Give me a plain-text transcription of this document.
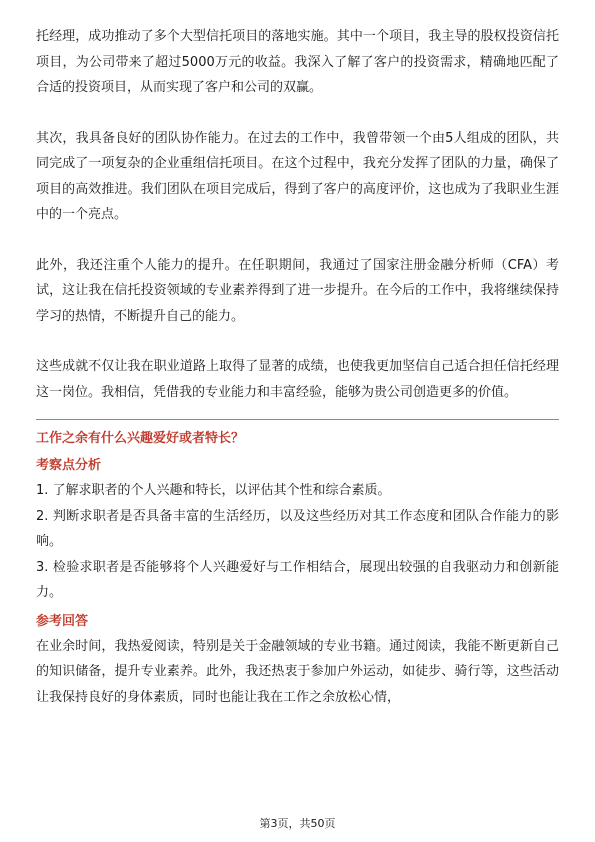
托经理，成功推动了多个大型信托项目的落地实施。其中一个项目，我主导的股权投资信托项目，为公司带来了超过5000万元的收益。我深入了解了客户的投资需求，精确地匹配了合适的投资项目，从而实现了客户和公司的双赢。

其次，我具备良好的团队协作能力。在过去的工作中，我曾带领一个由5人组成的团队，共同完成了一项复杂的企业重组信托项目。在这个过程中，我充分发挥了团队的力量，确保了项目的高效推进。我们团队在项目完成后，得到了客户的高度评价，这也成为了我职业生涯中的一个亮点。

此外，我还注重个人能力的提升。在任职期间，我通过了国家注册金融分析师（CFA）考试，这让我在信托投资领域的专业素养得到了进一步提升。在今后的工作中，我将继续保持学习的热情，不断提升自己的能力。

这些成就不仅让我在职业道路上取得了显著的成绩，也使我更加坚信自己适合担任信托经理这一岗位。我相信，凭借我的专业能力和丰富经验，能够为贵公司创造更多的价值。

工作之余有什么兴趣爱好或者特长？

考察点分析

1. 了解求职者的个人兴趣和特长，以评估其个性和综合素质。
2. 判断求职者是否具备丰富的生活经历，以及这些经历对其工作态度和团队合作能力的影响。
3. 检验求职者是否能够将个人兴趣爱好与工作相结合，展现出较强的自我驱动力和创新能力。

参考回答

在业余时间，我热爱阅读，特别是关于金融领域的专业书籍。通过阅读，我能不断更新自己的知识储备，提升专业素养。此外，我还热衷于参加户外运动，如徒步、骑行等，这些活动让我保持良好的身体素质，同时也能让我在工作之余放松心情，

第3页，共50页
